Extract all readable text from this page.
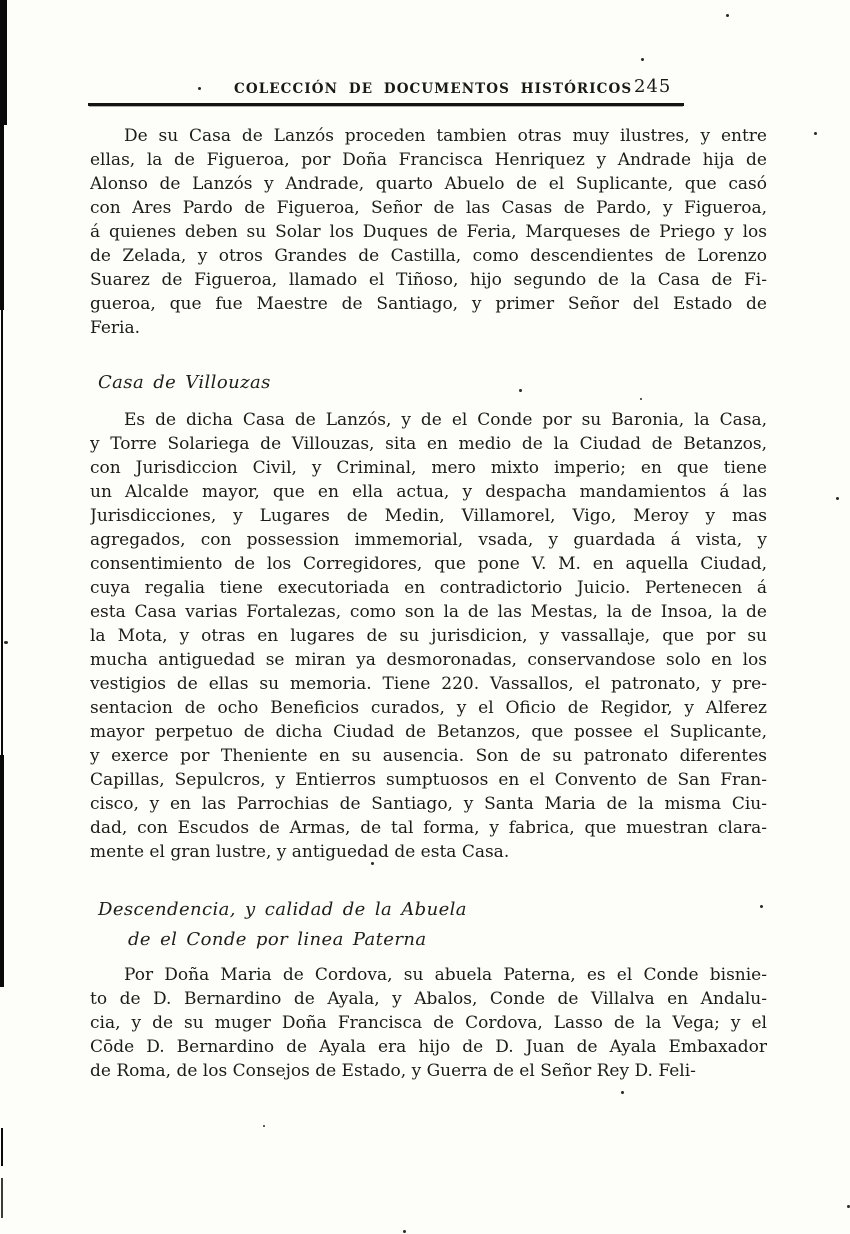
COLECCIÓN DE DOCUMENTOS HISTÓRICOS 245
De su Casa de Lanzós proceden tambien otras muy ilustres, y entre
ellas, la de Figueroa, por Doña Francisca Henriquez y Andrade hija de
Alonso de Lanzós y Andrade, quarto Abuelo de el Suplicante, que casó
con Ares Pardo de Figueroa, Señor de las Casas de Pardo, y Figueroa,
á quienes deben su Solar los Duques de Feria, Marqueses de Priego y los
de Zelada, y otros Grandes de Castilla, como descendientes de Lorenzo
Suarez de Figueroa, llamado el Tiñoso, hijo segundo de la Casa de Fi-
gueroa, que fue Maestre de Santiago, y primer Señor del Estado de
Feria.
Casa de Villouzas
Es de dicha Casa de Lanzós, y de el Conde por su Baronia, la Casa,
y Torre Solariega de Villouzas, sita en medio de la Ciudad de Betanzos,
con Jurisdiccion Civil, y Criminal, mero mixto imperio; en que tiene
un Alcalde mayor, que en ella actua, y despacha mandamientos á las
Jurisdicciones, y Lugares de Medin, Villamorel, Vigo, Meroy y mas
agregados, con possession immemorial, vsada, y guardada á vista, y
consentimiento de los Corregidores, que pone V. M. en aquella Ciudad,
cuya regalia tiene executoriada en contradictorio Juicio. Pertenecen á
esta Casa varias Fortalezas, como son la de las Mestas, la de Insoa, la de
la Mota, y otras en lugares de su jurisdicion, y vassallaje, que por su
mucha antiguedad se miran ya desmoronadas, conservandose solo en los
vestigios de ellas su memoria. Tiene 220. Vassallos, el patronato, y pre-
sentacion de ocho Beneficios curados, y el Oficio de Regidor, y Alferez
mayor perpetuo de dicha Ciudad de Betanzos, que possee el Suplicante,
y exerce por Theniente en su ausencia. Son de su patronato diferentes
Capillas, Sepulcros, y Entierros sumptuosos en el Convento de San Fran-
cisco, y en las Parrochias de Santiago, y Santa Maria de la misma Ciu-
dad, con Escudos de Armas, de tal forma, y fabrica, que muestran clara-
mente el gran lustre, y antiguedad de esta Casa.
Descendencia, y calidad de la Abuela
de el Conde por linea Paterna
Por Doña Maria de Cordova, su abuela Paterna, es el Conde bisnie-
to de D. Bernardino de Ayala, y Abalos, Conde de Villalva en Andalu-
cia, y de su muger Doña Francisca de Cordova, Lasso de la Vega; y el
Cōde D. Bernardino de Ayala era hijo de D. Juan de Ayala Embaxador
de Roma, de los Consejos de Estado, y Guerra de el Señor Rey D. Feli-
